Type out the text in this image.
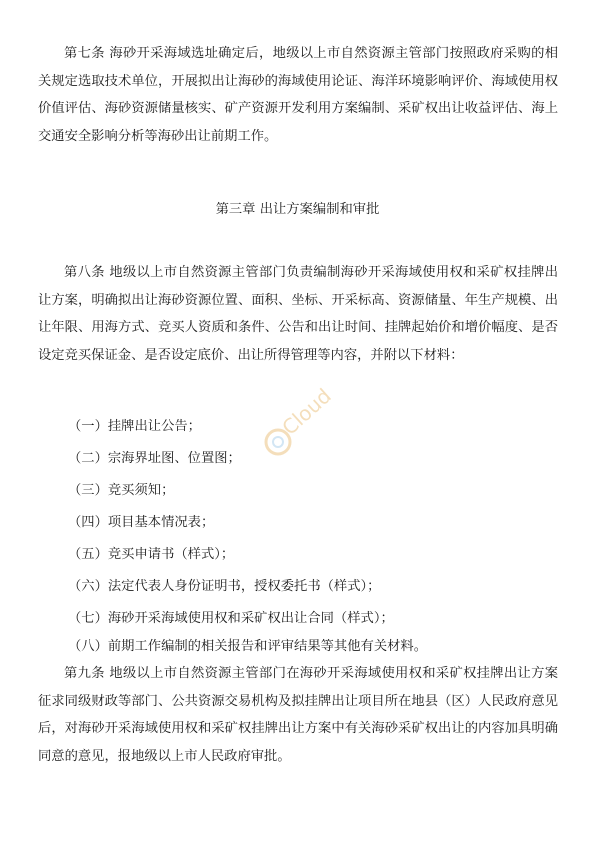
第七条 海砂开采海域选址确定后，地级以上市自然资源主管部门按照政府采购的相关规定选取技术单位，开展拟出让海砂的海域使用论证、海洋环境影响评价、海域使用权价值评估、海砂资源储量核实、矿产资源开发利用方案编制、采矿权出让收益评估、海上交通安全影响分析等海砂出让前期工作。

第三章 出让方案编制和审批

第八条 地级以上市自然资源主管部门负责编制海砂开采海域使用权和采矿权挂牌出让方案，明确拟出让海砂资源位置、面积、坐标、开采标高、资源储量、年生产规模、出让年限、用海方式、竞买人资质和条件、公告和出让时间、挂牌起始价和增价幅度、是否设定竞买保证金、是否设定底价、出让所得管理等内容，并附以下材料：

（一）挂牌出让公告；

（二）宗海界址图、位置图；

（三）竞买须知；

（四）项目基本情况表；

（五）竞买申请书（样式）；

（六）法定代表人身份证明书，授权委托书（样式）；

（七）海砂开采海域使用权和采矿权出让合同（样式）；

（八）前期工作编制的相关报告和评审结果等其他有关材料。

第九条 地级以上市自然资源主管部门在海砂开采海域使用权和采矿权挂牌出让方案征求同级财政等部门、公共资源交易机构及拟挂牌出让项目所在地县（区）人民政府意见后，对海砂开采海域使用权和采矿权挂牌出让方案中有关海砂采矿权出让的内容加具明确同意的意见，报地级以上市人民政府审批。

Cloud
